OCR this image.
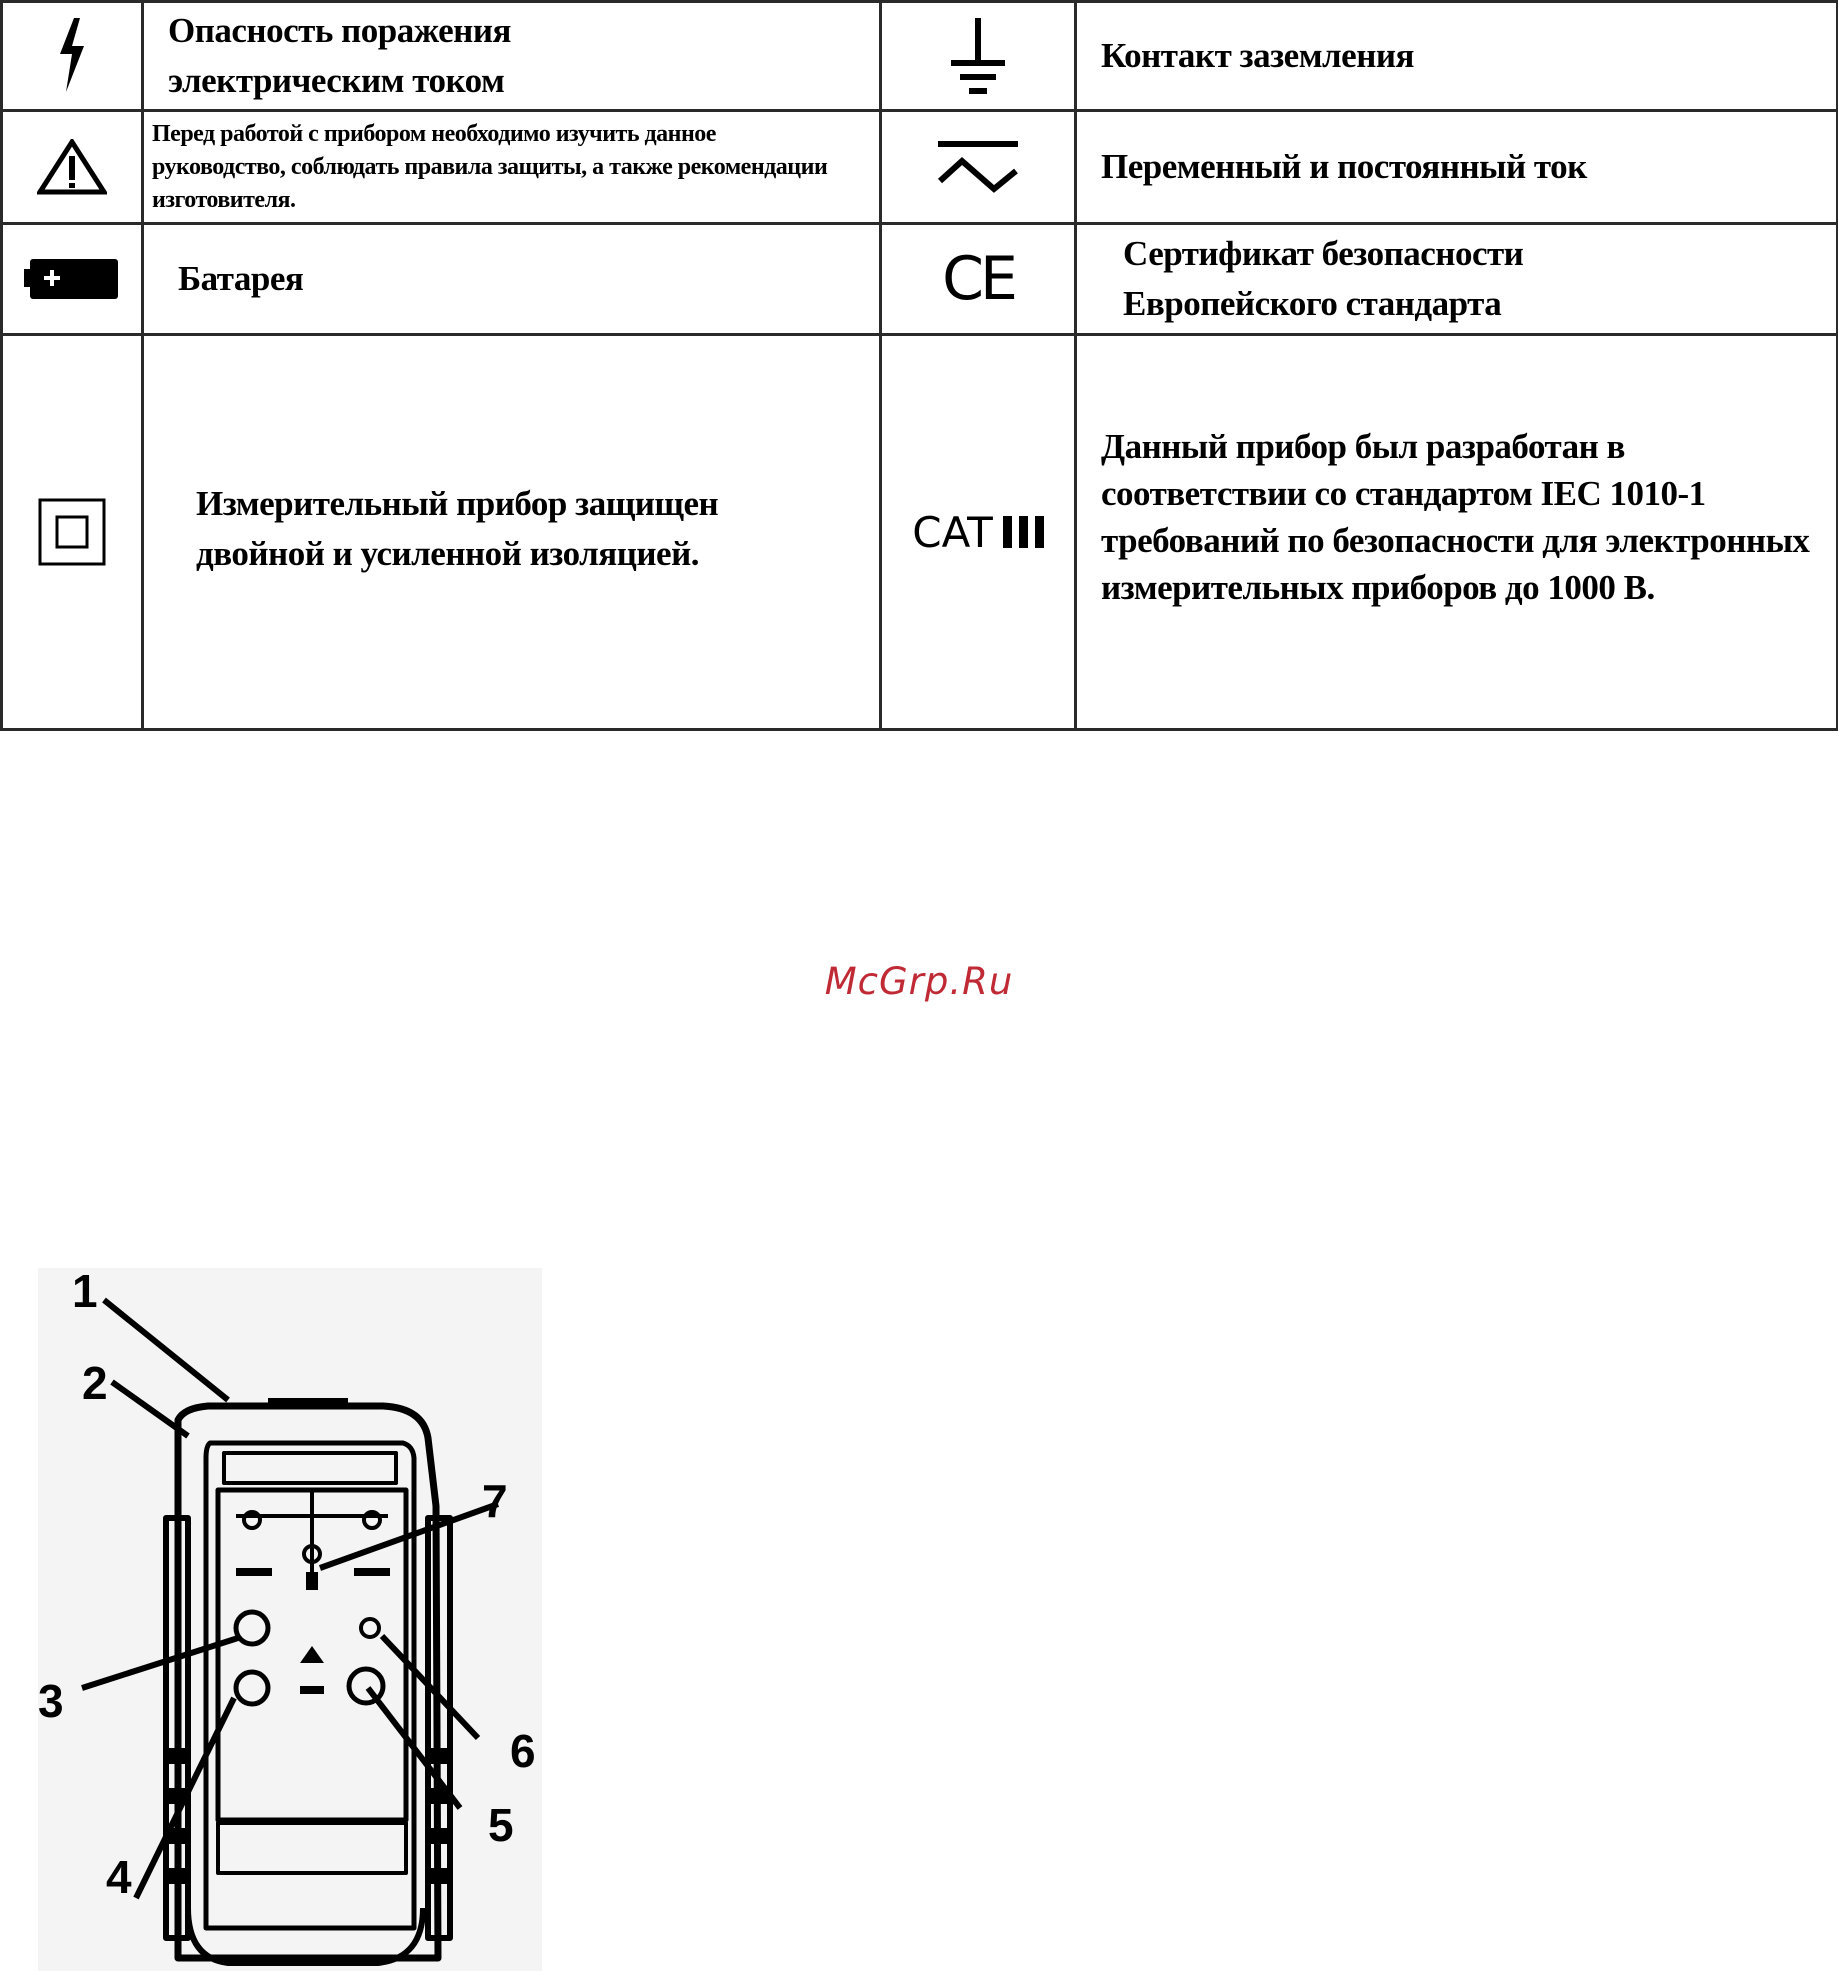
Опасность поражения электрическим током		Контакт заземления

Перед работой с прибором необходимо изучить данное руководство, соблюдать правила защиты, а также рекомендации изготовителя.		Переменный и постоянный ток

Батарея	CE	Сертификат безопасности Европейского стандарта

Измерительный прибор защищен двойной и усиленной изоляцией.	CAT	Данный прибор был разработан в соответствии со стандартом IEC 1010-1 требований по безопасности для электронных измерительных приборов до 1000 В.
McGrp.Ru
1
2
7
3
6
5
4
